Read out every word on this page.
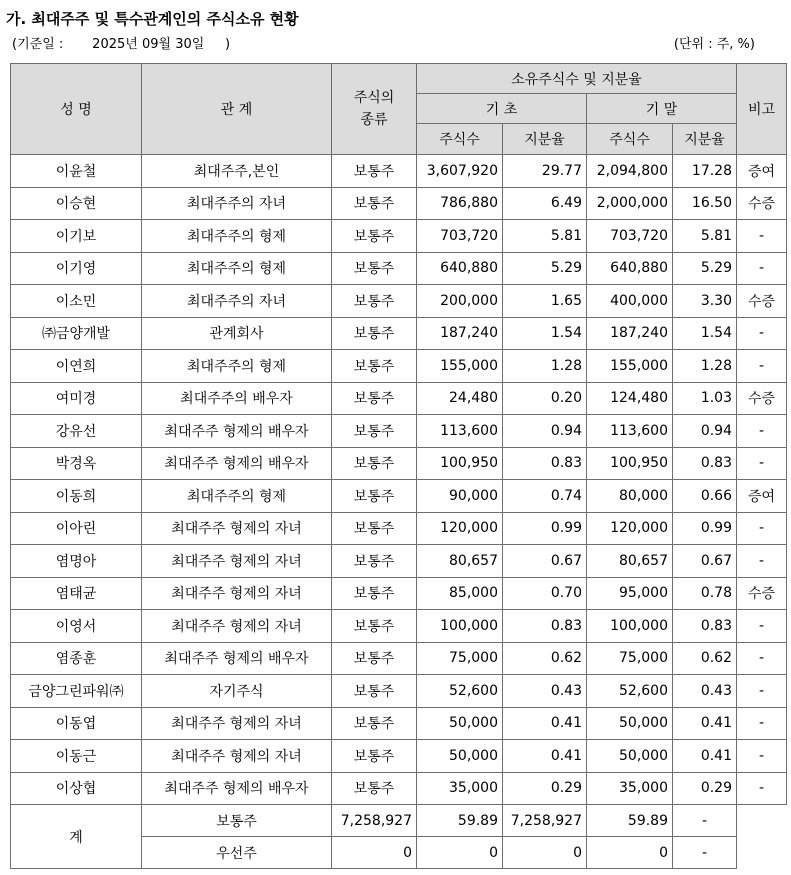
가. 최대주주 및 특수관계인의 주식소유 현황
(기준일 :       2025년 09월 30일     )	(단위 : 주, %)
성 명	관 계	주식의
종류	소유주식수 및 지분율				비고
			기 초		기 말		
			주식수	지분율	주식수	지분율	
이윤철	최대주주,본인	보통주	3,607,920	29.77	2,094,800	17.28	증여
이승현	최대주주의 자녀	보통주	786,880	6.49	2,000,000	16.50	수증
이기보	최대주주의 형제	보통주	703,720	5.81	703,720	5.81	-
이기영	최대주주의 형제	보통주	640,880	5.29	640,880	5.29	-
이소민	최대주주의 자녀	보통주	200,000	1.65	400,000	3.30	수증
㈜금양개발	관계회사	보통주	187,240	1.54	187,240	1.54	-
이연희	최대주주의 형제	보통주	155,000	1.28	155,000	1.28	-
여미경	최대주주의 배우자	보통주	24,480	0.20	124,480	1.03	수증
강유선	최대주주 형제의 배우자	보통주	113,600	0.94	113,600	0.94	-
박경옥	최대주주 형제의 배우자	보통주	100,950	0.83	100,950	0.83	-
이동희	최대주주의 형제	보통주	90,000	0.74	80,000	0.66	증여
이아린	최대주주 형제의 자녀	보통주	120,000	0.99	120,000	0.99	-
염명아	최대주주 형제의 자녀	보통주	80,657	0.67	80,657	0.67	-
염태균	최대주주 형제의 자녀	보통주	85,000	0.70	95,000	0.78	수증
이영서	최대주주 형제의 자녀	보통주	100,000	0.83	100,000	0.83	-
염종훈	최대주주 형제의 배우자	보통주	75,000	0.62	75,000	0.62	-
금양그린파워㈜	자기주식	보통주	52,600	0.43	52,600	0.43	-
이동엽	최대주주 형제의 자녀	보통주	50,000	0.41	50,000	0.41	-
이동근	최대주주 형제의 자녀	보통주	50,000	0.41	50,000	0.41	-
이상협	최대주주 형제의 배우자	보통주	35,000	0.29	35,000	0.29	-
계	보통주	7,258,927	59.89	7,258,927	59.89	-	
	우선주	0	0	0	0	-	
